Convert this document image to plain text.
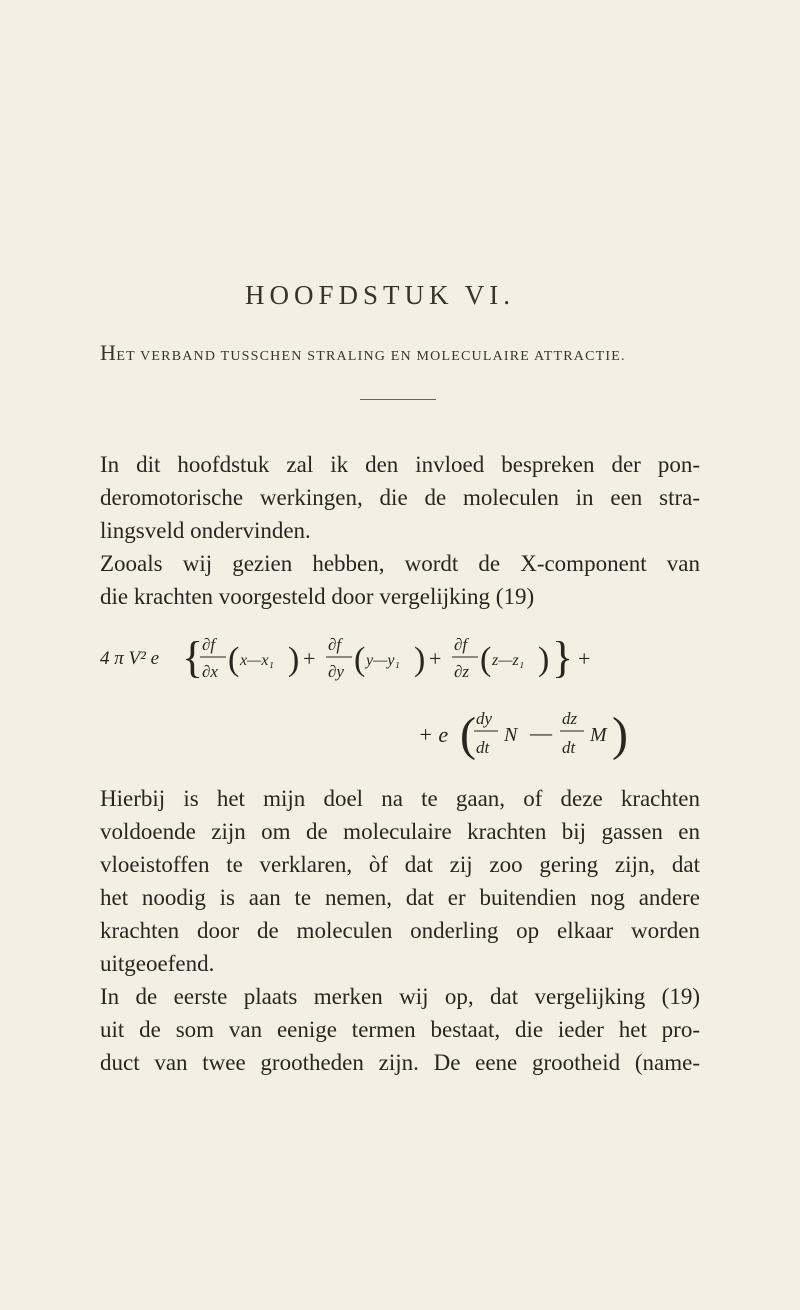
HOOFDSTUK VI.
HET VERBAND TUSSCHEN STRALING EN MOLECULAIRE ATTRACTIE.
In dit hoofdstuk zal ik den invloed bespreken der pon-
deromotorische werkingen, die de moleculen in een stra-
lingsveld ondervinden.
Zooals wij gezien hebben, wordt de X-component van
die krachten voorgesteld door vergelijking (19)
4 π V² e {
∂f
∂x ( x—x₁ ) +
∂f
∂y ( y—y₁ ) +
∂f
∂z ( z—z₁ ) } +
+ e ( dy
dt
N —
dz
dt
M )
Hierbij is het mijn doel na te gaan, of deze krachten
voldoende zijn om de moleculaire krachten bij gassen en
vloeistoffen te verklaren, òf dat zij zoo gering zijn, dat
het noodig is aan te nemen, dat er buitendien nog andere
krachten door de moleculen onderling op elkaar worden
uitgeoefend.
In de eerste plaats merken wij op, dat vergelijking (19)
uit de som van eenige termen bestaat, die ieder het pro-
duct van twee grootheden zijn. De eene grootheid (name-
